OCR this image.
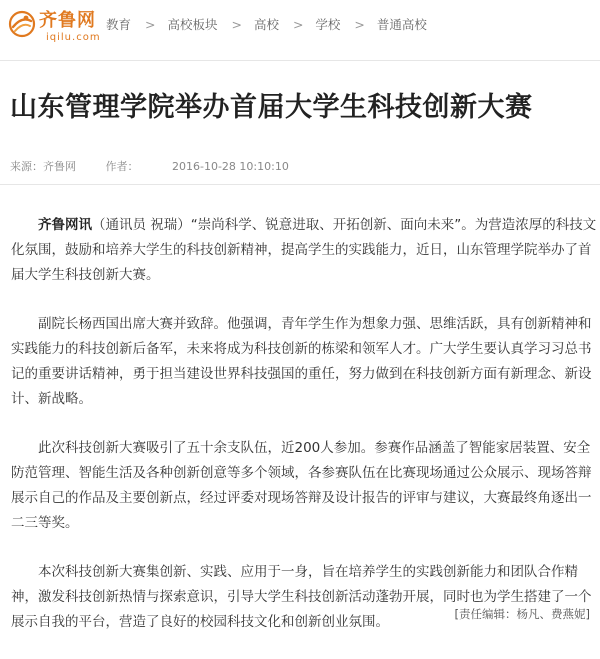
齐鲁网
iqilu.com
教育 > 高校板块 > 高校 > 学校 > 普通高校
山东管理学院举办首届大学生科技创新大赛
来源：齐鲁网	作者：	2016-10-28 10:10:10

齐鲁网讯（通讯员 祝瑞）“崇尚科学、锐意进取、开拓创新、面向未来”。为营造浓厚的科技文化氛围，鼓励和培养大学生的科技创新精神，提高学生的实践能力，近日，山东管理学院举办了首届大学生科技创新大赛。

副院长杨西国出席大赛并致辞。他强调，青年学生作为想象力强、思维活跃，具有创新精神和实践能力的科技创新后备军，未来将成为科技创新的栋梁和领军人才。广大学生要认真学习习总书记的重要讲话精神，勇于担当建设世界科技强国的重任，努力做到在科技创新方面有新理念、新设计、新战略。

此次科技创新大赛吸引了五十余支队伍，近200人参加。参赛作品涵盖了智能家居装置、安全防范管理、智能生活及各种创新创意等多个领域，各参赛队伍在比赛现场通过公众展示、现场答辩展示自己的作品及主要创新点，经过评委对现场答辩及设计报告的评审与建议，大赛最终角逐出一二三等奖。

本次科技创新大赛集创新、实践、应用于一身，旨在培养学生的实践创新能力和团队合作精神，激发科技创新热情与探索意识，引导大学生科技创新活动蓬勃开展，同时也为学生搭建了一个展示自我的平台，营造了良好的校园科技文化和创新创业氛围。	[责任编辑：杨凡、费燕妮]
